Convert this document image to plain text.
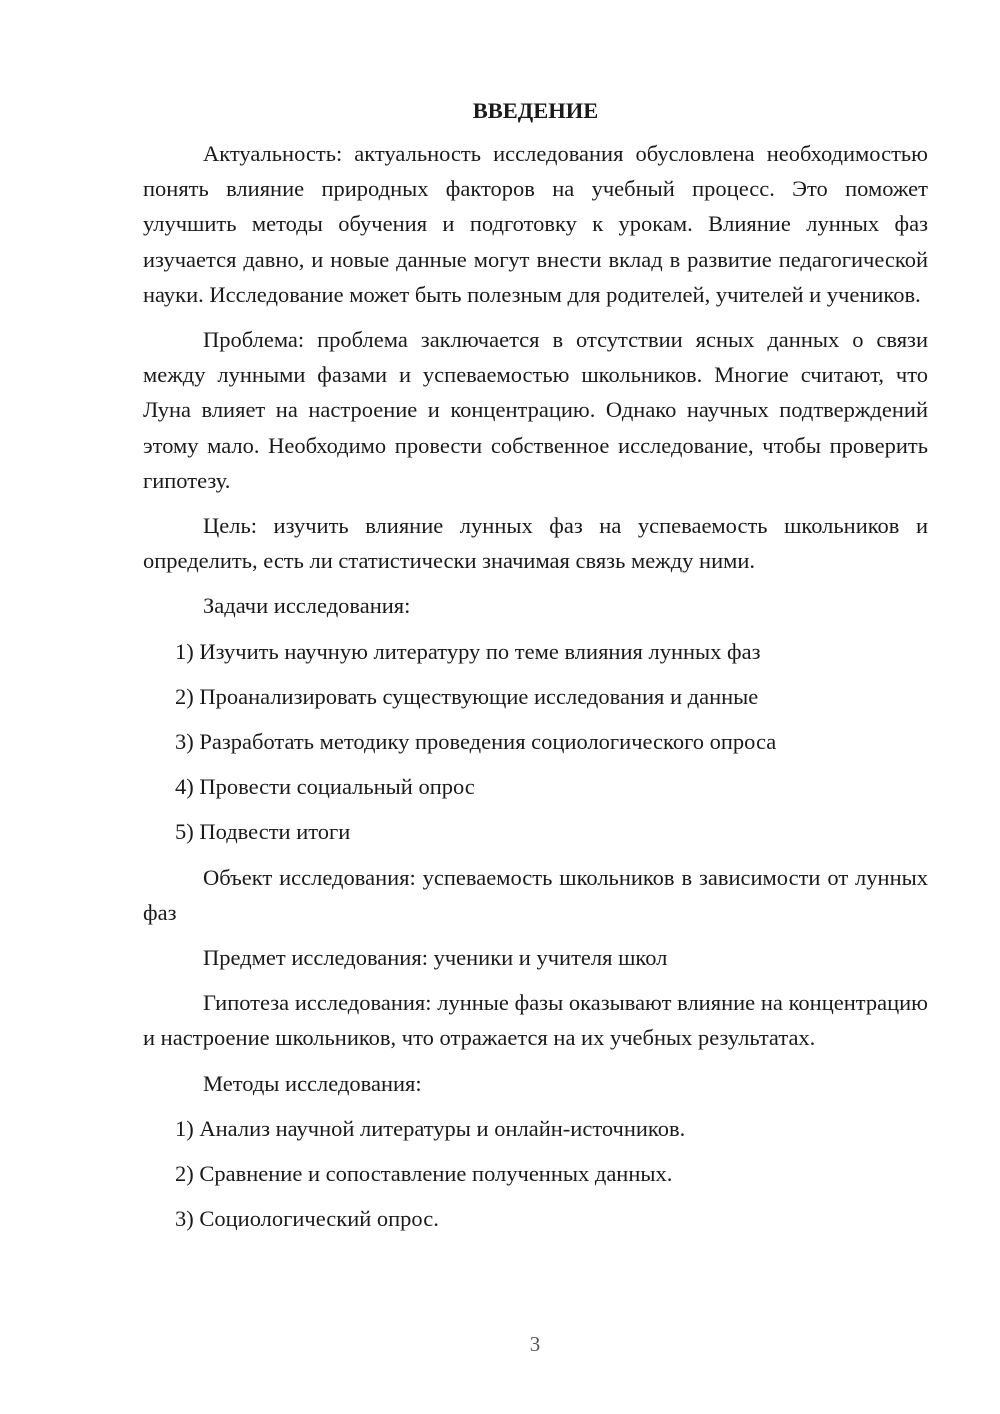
ВВЕДЕНИЕ

Актуальность: актуальность исследования обусловлена необходимостью понять влияние природных факторов на учебный процесс. Это поможет улучшить методы обучения и подготовку к урокам. Влияние лунных фаз изучается давно, и новые данные могут внести вклад в развитие педагогической науки. Исследование может быть полезным для родителей, учителей и учеников.

Проблема: проблема заключается в отсутствии ясных данных о связи между лунными фазами и успеваемостью школьников. Многие считают, что Луна влияет на настроение и концентрацию. Однако научных подтверждений этому мало. Необходимо провести собственное исследование, чтобы проверить гипотезу.

Цель: изучить влияние лунных фаз на успеваемость школьников и определить, есть ли статистически значимая связь между ними.

Задачи исследования:

1) Изучить научную литературу по теме влияния лунных фаз
2) Проанализировать существующие исследования и данные
3) Разработать методику проведения социологического опроса
4) Провести социальный опрос
5) Подвести итоги

Объект исследования: успеваемость школьников в зависимости от лунных фаз

Предмет исследования: ученики и учителя школ

Гипотеза исследования: лунные фазы оказывают влияние на концентрацию и настроение школьников, что отражается на их учебных результатах.

Методы исследования:

1) Анализ научной литературы и онлайн-источников.
2) Сравнение и сопоставление полученных данных.
3) Социологический опрос.
3
